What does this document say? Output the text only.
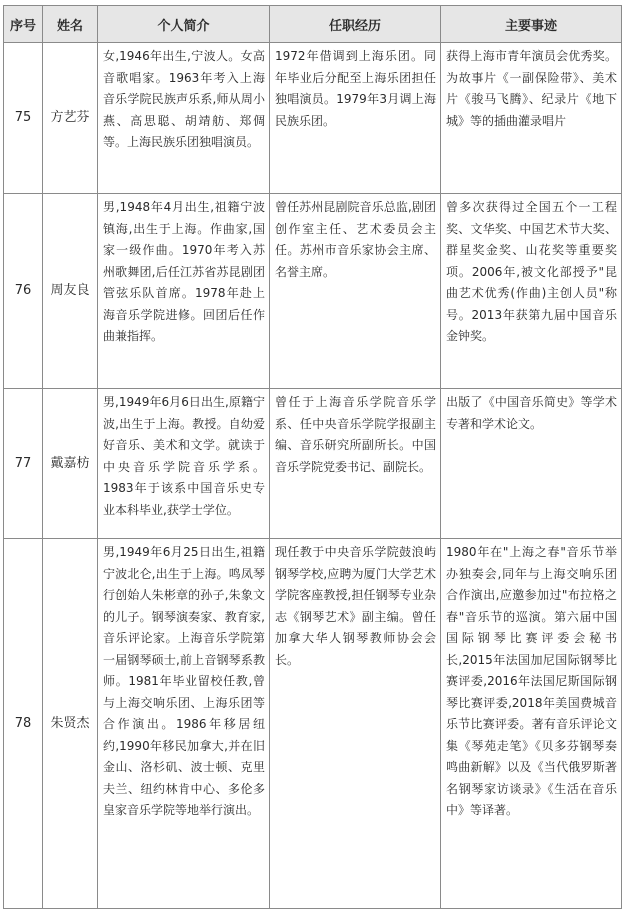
序号	姓名	个人简介	任职经历	主要事迹
75	方艺芬	女,1946年出生,宁波人。女高音歌唱家。1963年考入上海音乐学院民族声乐系,师从周小燕、高思聪、胡靖舫、郑倜等。上海民族乐团独唱演员。	1972年借调到上海乐团。同年毕业后分配至上海乐团担任独唱演员。1979年3月调上海民族乐团。	获得上海市青年演员会优秀奖。为故事片《一副保险带》、美术片《骏马飞腾》、纪录片《地下城》等的插曲灌录唱片
76	周友良	男,1948年4月出生,祖籍宁波镇海,出生于上海。作曲家,国家一级作曲。1970年考入苏州歌舞团,后任江苏省苏昆剧团管弦乐队首席。1978年赴上海音乐学院进修。回团后任作曲兼指挥。	曾任苏州昆剧院音乐总监,剧团创作室主任、艺术委员会主任。苏州市音乐家协会主席、名誉主席。	曾多次获得过全国五个一工程奖、文华奖、中国艺术节大奖、群星奖金奖、山花奖等重要奖项。2006年,被文化部授予"昆曲艺术优秀(作曲)主创人员"称号。2013年获第九届中国音乐金钟奖。
77	戴嘉枋	男,1949年6月6日出生,原籍宁波,出生于上海。教授。自幼爱好音乐、美术和文学。就读于中央音乐学院音乐学系。1983年于该系中国音乐史专业本科毕业,获学士学位。	曾任于上海音乐学院音乐学系、任中央音乐学院学报副主编、音乐研究所副所长。中国音乐学院党委书记、副院长。	出版了《中国音乐简史》等学术专著和学术论文。
78	朱贤杰	男,1949年6月25日出生,祖籍宁波北仑,出生于上海。鸣凤琴行创始人朱彬章的孙子,朱象文的儿子。钢琴演奏家、教育家,音乐评论家。上海音乐学院第一届钢琴硕士,前上音钢琴系教师。1981年毕业留校任教,曾与上海交响乐团、上海乐团等合作演出。1986年移居纽约,1990年移民加拿大,并在旧金山、洛杉矶、波士顿、克里夫兰、纽约林肯中心、多伦多皇家音乐学院等地举行演出。	现任教于中央音乐学院鼓浪屿钢琴学校,应聘为厦门大学艺术学院客座教授,担任钢琴专业杂志《钢琴艺术》副主编。曾任加拿大华人钢琴教师协会会长。	1980年在"上海之春"音乐节举办独奏会,同年与上海交响乐团合作演出,应邀参加过"布拉格之春"音乐节的巡演。第六届中国国际钢琴比赛评委会秘书长,2015年法国加尼国际钢琴比赛评委,2016年法国尼斯国际钢琴比赛评委,2018年美国费城音乐节比赛评委。著有音乐评论文集《琴苑走笔》《贝多芬钢琴奏鸣曲新解》以及《当代俄罗斯著名钢琴家访谈录》《生活在音乐中》等译著。
